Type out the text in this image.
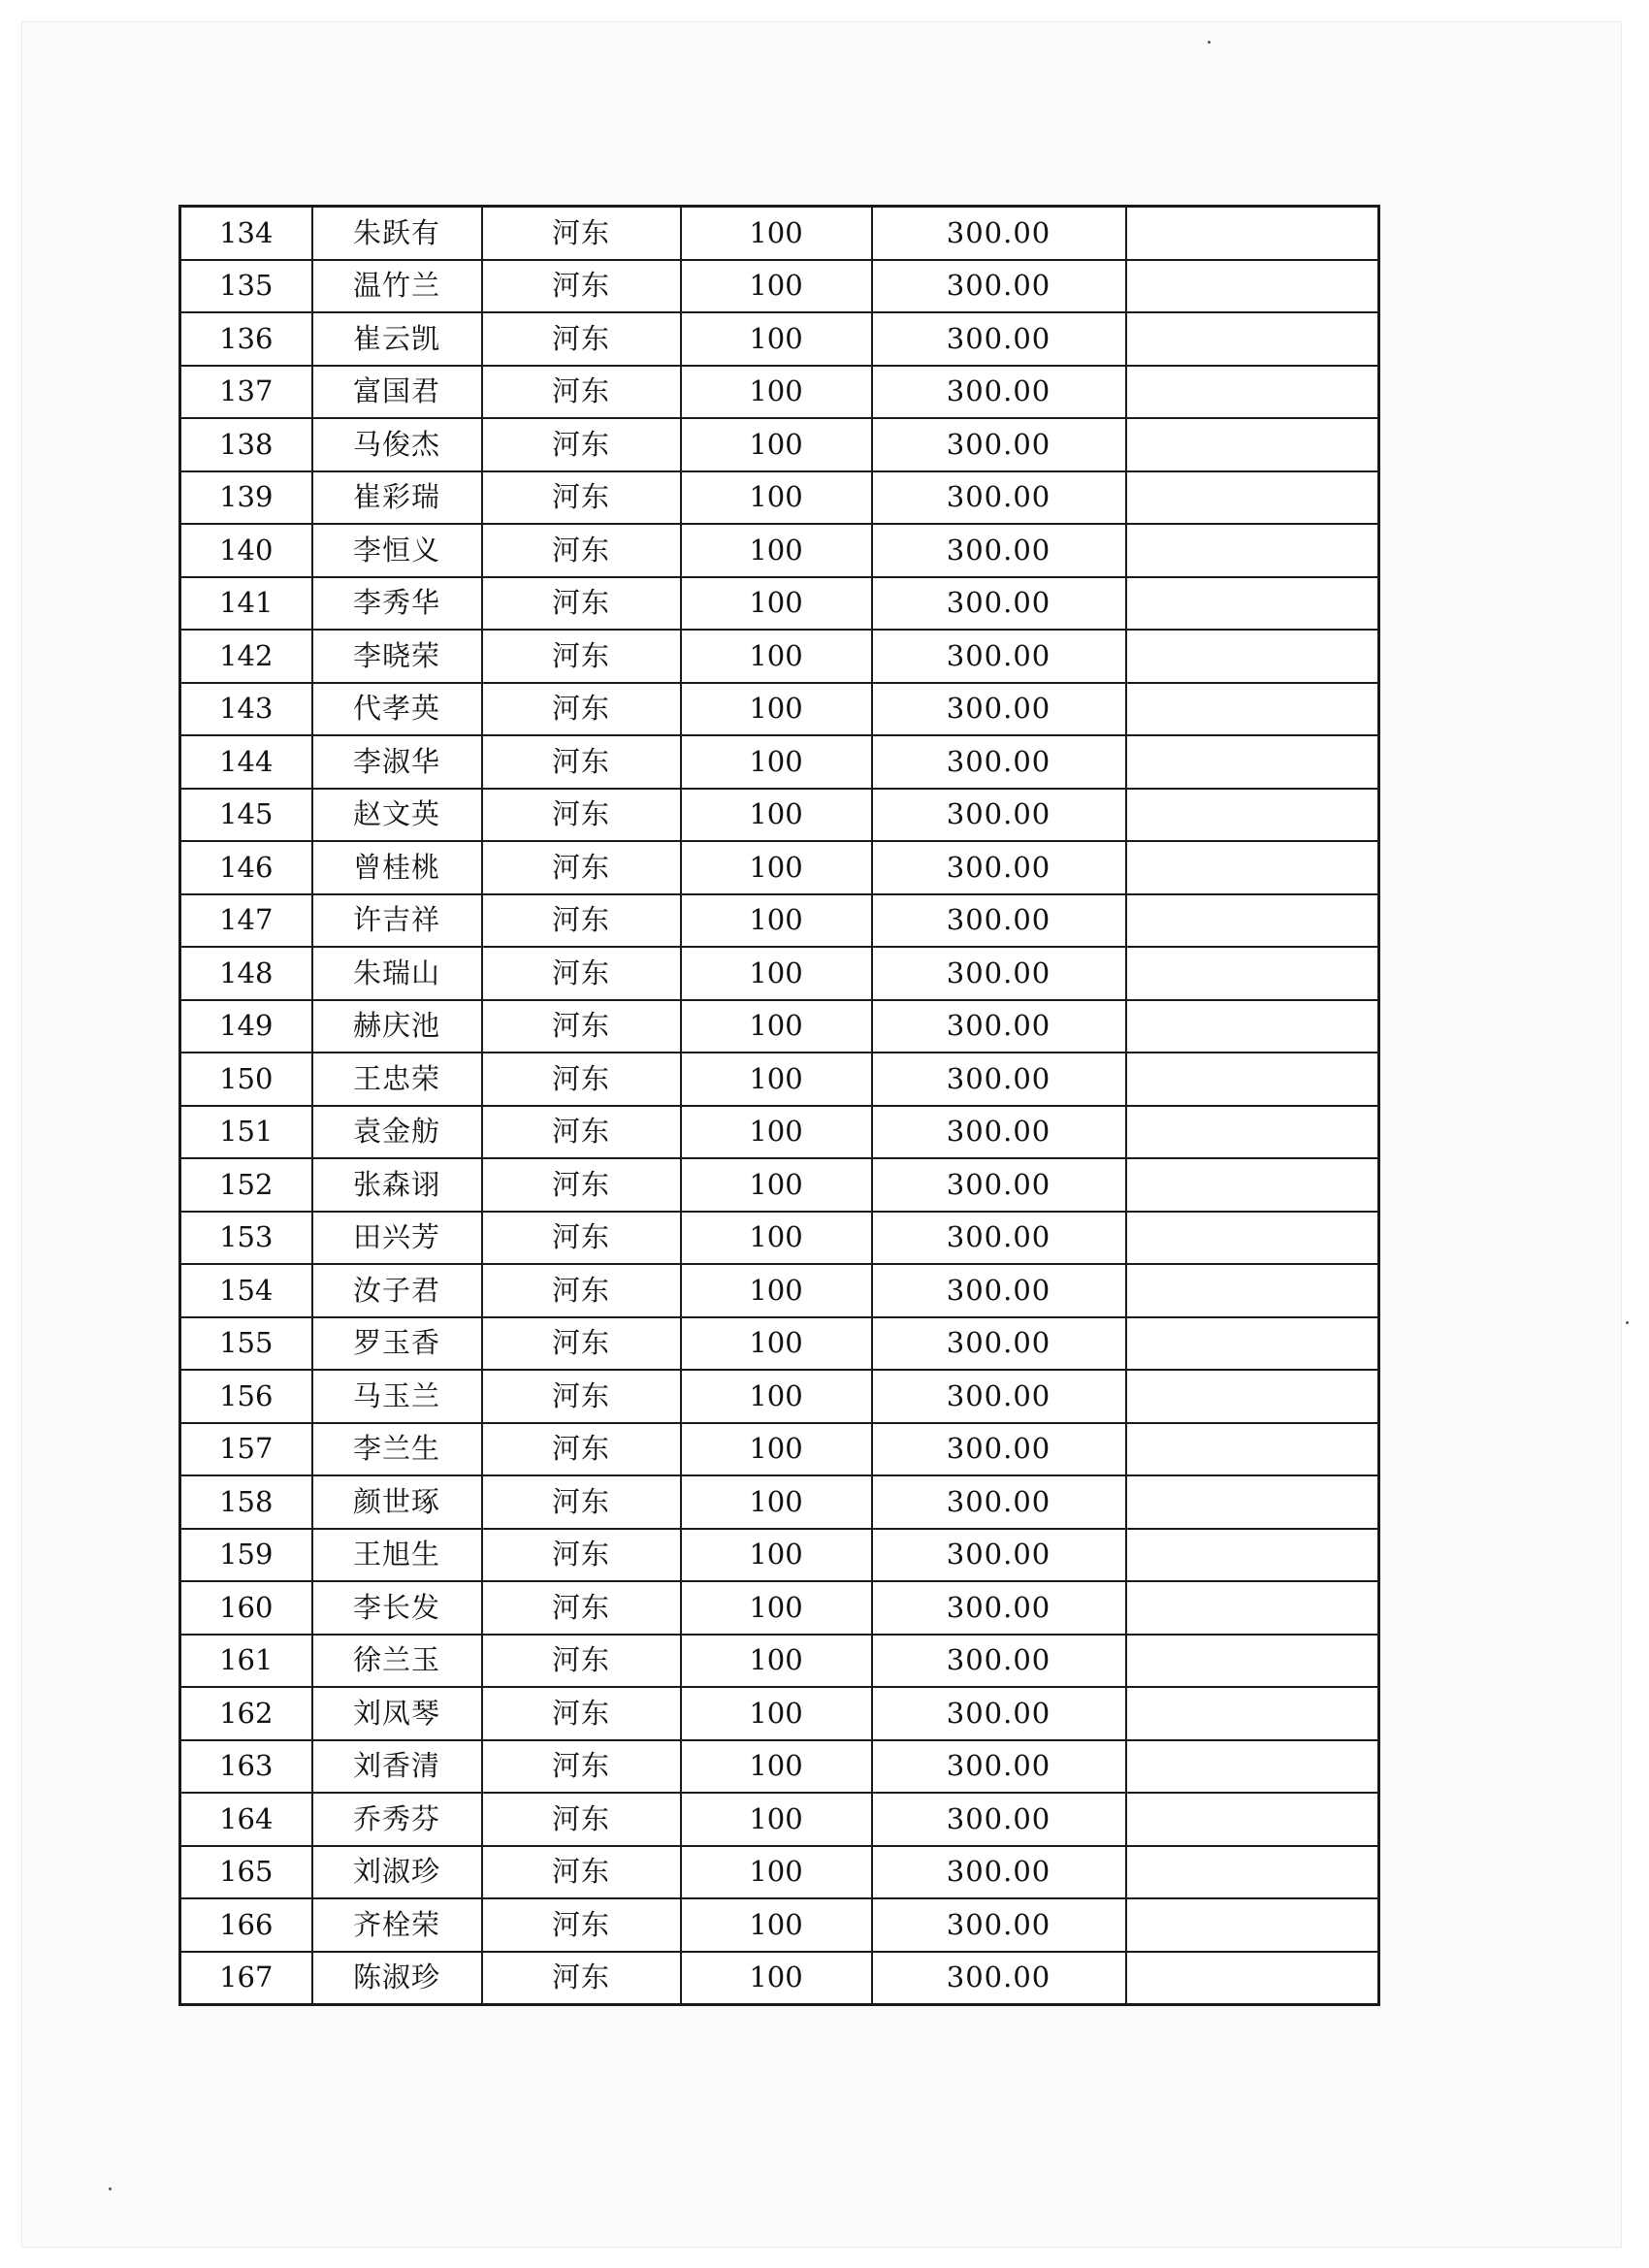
134	朱跃有	河东	100	300.00	
135	温竹兰	河东	100	300.00	
136	崔云凯	河东	100	300.00	
137	富国君	河东	100	300.00	
138	马俊杰	河东	100	300.00	
139	崔彩瑞	河东	100	300.00	
140	李恒义	河东	100	300.00	
141	李秀华	河东	100	300.00	
142	李晓荣	河东	100	300.00	
143	代孝英	河东	100	300.00	
144	李淑华	河东	100	300.00	
145	赵文英	河东	100	300.00	
146	曾桂桃	河东	100	300.00	
147	许吉祥	河东	100	300.00	
148	朱瑞山	河东	100	300.00	
149	赫庆池	河东	100	300.00	
150	王忠荣	河东	100	300.00	
151	袁金舫	河东	100	300.00	
152	张森诩	河东	100	300.00	
153	田兴芳	河东	100	300.00	
154	汝子君	河东	100	300.00	
155	罗玉香	河东	100	300.00	
156	马玉兰	河东	100	300.00	
157	李兰生	河东	100	300.00	
158	颜世琢	河东	100	300.00	
159	王旭生	河东	100	300.00	
160	李长发	河东	100	300.00	
161	徐兰玉	河东	100	300.00	
162	刘凤琴	河东	100	300.00	
163	刘香清	河东	100	300.00	
164	乔秀芬	河东	100	300.00	
165	刘淑珍	河东	100	300.00	
166	齐栓荣	河东	100	300.00	
167	陈淑珍	河东	100	300.00	
